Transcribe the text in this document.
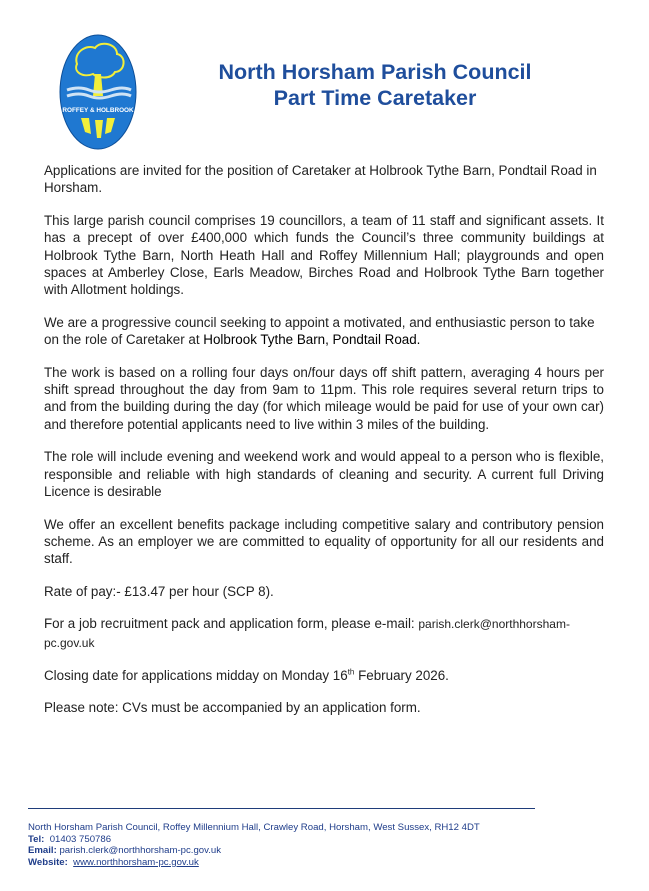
ROFFEY & HOLBROOK
North Horsham Parish Council
Part Time Caretaker

Applications are invited for the position of Caretaker at Holbrook Tythe Barn, Pondtail Road in Horsham.

This large parish council comprises 19 councillors, a team of 11 staff and significant assets. It has a precept of over £400,000 which funds the Council’s three community buildings at Holbrook Tythe Barn, North Heath Hall and Roffey Millennium Hall; playgrounds and open spaces at Amberley Close, Earls Meadow, Birches Road and Holbrook Tythe Barn together with Allotment holdings.

We are a progressive council seeking to appoint a motivated, and enthusiastic person to take on the role of Caretaker at Holbrook Tythe Barn, Pondtail Road.

The work is based on a rolling four days on/four days off shift pattern, averaging 4 hours per shift spread throughout the day from 9am to 11pm. This role requires several return trips to and from the building during the day (for which mileage would be paid for use of your own car) and therefore potential applicants need to live within 3 miles of the building.

The role will include evening and weekend work and would appeal to a person who is flexible, responsible and reliable with high standards of cleaning and security. A current full Driving Licence is desirable

We offer an excellent benefits package including competitive salary and contributory pension scheme. As an employer we are committed to equality of opportunity for all our residents and staff.

Rate of pay:- £13.47 per hour (SCP 8).

For a job recruitment pack and application form, please e-mail: parish.clerk@northhorsham-pc.gov.uk

Closing date for applications midday on Monday 16th February 2026.

Please note: CVs must be accompanied by an application form.

North Horsham Parish Council, Roffey Millennium Hall, Crawley Road, Horsham, West Sussex, RH12 4DT
Tel: 01403 750786
Email: parish.clerk@northhorsham-pc.gov.uk
Website: www.northhorsham-pc.gov.uk
